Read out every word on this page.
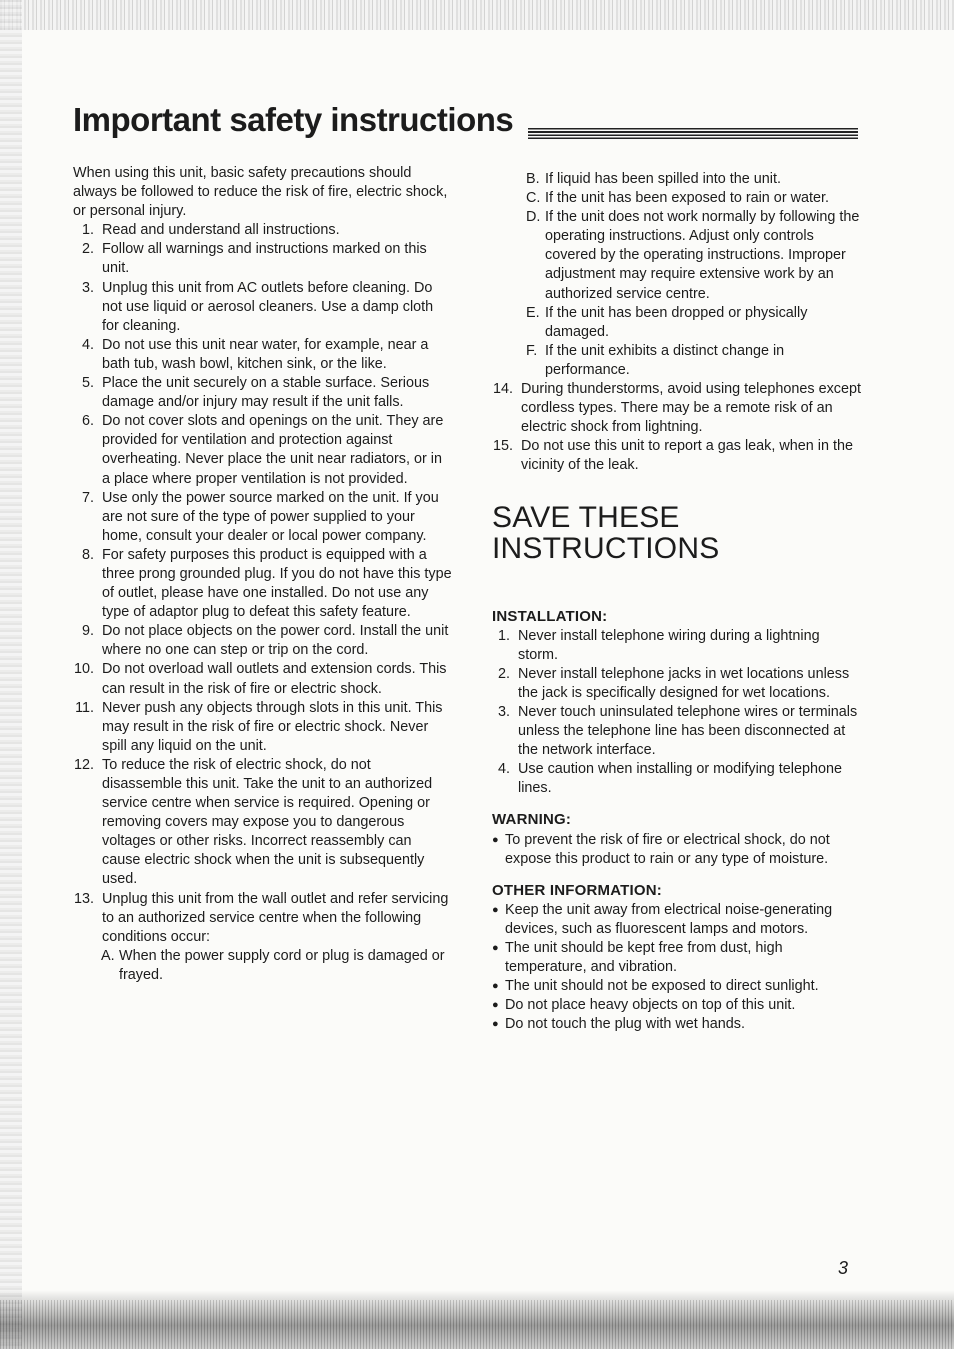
Important safety instructions

When using this unit, basic safety precautions should always be followed to reduce the risk of fire, electric shock, or personal injury.

1. Read and understand all instructions.
2. Follow all warnings and instructions marked on this unit.
3. Unplug this unit from AC outlets before cleaning. Do not use liquid or aerosol cleaners. Use a damp cloth for cleaning.
4. Do not use this unit near water, for example, near a bath tub, wash bowl, kitchen sink, or the like.
5. Place the unit securely on a stable surface. Serious damage and/or injury may result if the unit falls.
6. Do not cover slots and openings on the unit. They are provided for ventilation and protection against overheating. Never place the unit near radiators, or in a place where proper ventilation is not provided.
7. Use only the power source marked on the unit. If you are not sure of the type of power supplied to your home, consult your dealer or local power company.
8. For safety purposes this product is equipped with a three prong grounded plug. If you do not have this type of outlet, please have one installed. Do not use any type of adaptor plug to defeat this safety feature.
9. Do not place objects on the power cord. Install the unit where no one can step or trip on the cord.
10. Do not overload wall outlets and extension cords. This can result in the risk of fire or electric shock.
11. Never push any objects through slots in this unit. This may result in the risk of fire or electric shock. Never spill any liquid on the unit.
12. To reduce the risk of electric shock, do not disassemble this unit. Take the unit to an authorized service centre when service is required. Opening or removing covers may expose you to dangerous voltages or other risks. Incorrect reassembly can cause electric shock when the unit is subsequently used.
13. Unplug this unit from the wall outlet and refer servicing to an authorized service centre when the following conditions occur:
A. When the power supply cord or plug is damaged or frayed.
B. If liquid has been spilled into the unit.
C. If the unit has been exposed to rain or water.
D. If the unit does not work normally by following the operating instructions. Adjust only controls covered by the operating instructions. Improper adjustment may require extensive work by an authorized service centre.
E. If the unit has been dropped or physically damaged.
F. If the unit exhibits a distinct change in performance.
14. During thunderstorms, avoid using telephones except cordless types. There may be a remote risk of an electric shock from lightning.
15. Do not use this unit to report a gas leak, when in the vicinity of the leak.
SAVE THESE
INSTRUCTIONS
INSTALLATION:
1. Never install telephone wiring during a lightning storm.
2. Never install telephone jacks in wet locations unless the jack is specifically designed for wet locations.
3. Never touch uninsulated telephone wires or terminals unless the telephone line has been disconnected at the network interface.
4. Use caution when installing or modifying telephone lines.
WARNING:
● To prevent the risk of fire or electrical shock, do not expose this product to rain or any type of moisture.
OTHER INFORMATION:
● Keep the unit away from electrical noise-generating devices, such as fluorescent lamps and motors.
● The unit should be kept free from dust, high temperature, and vibration.
● The unit should not be exposed to direct sunlight.
● Do not place heavy objects on top of this unit.
● Do not touch the plug with wet hands.
3
